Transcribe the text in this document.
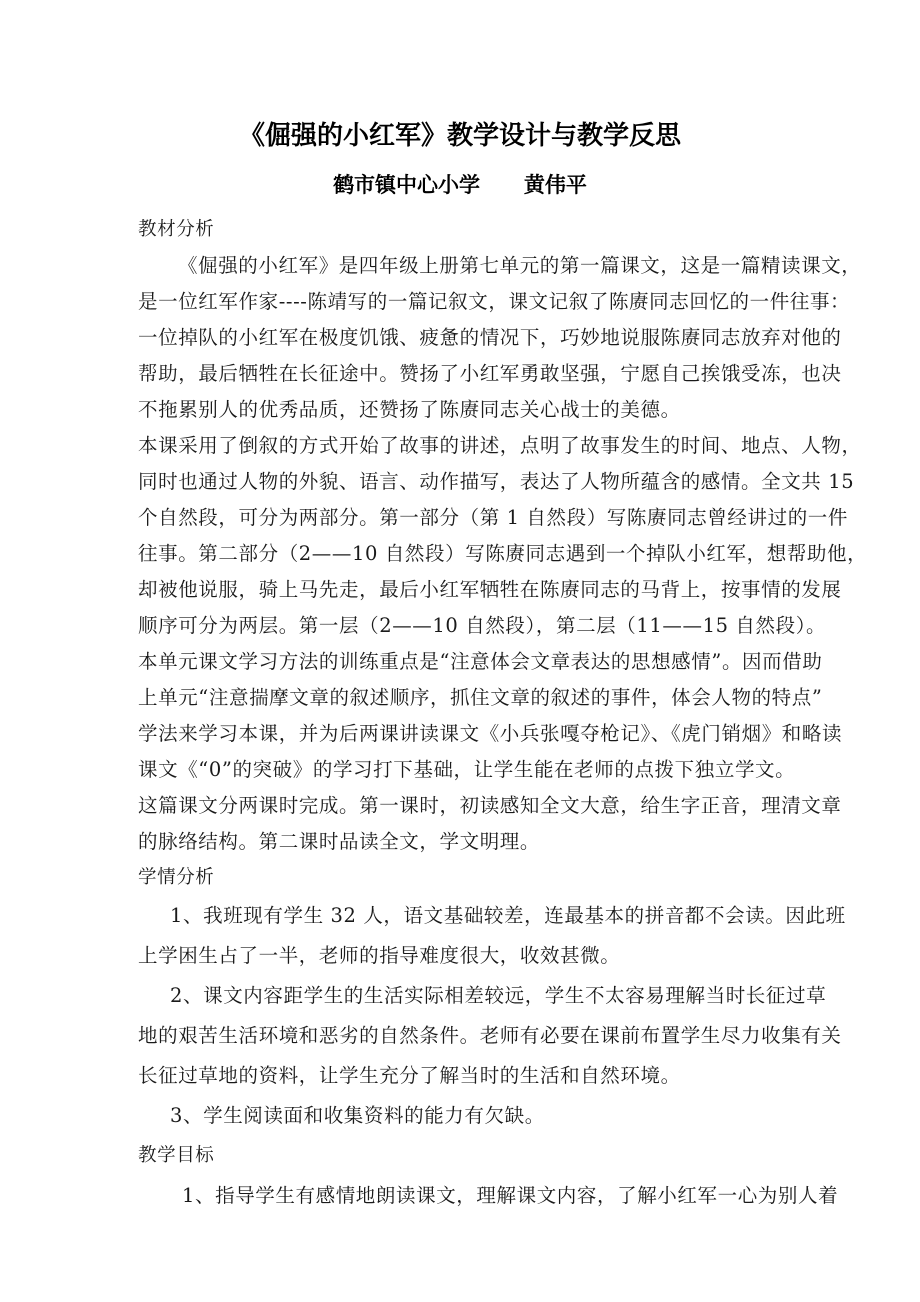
《倔强的小红军》教学设计与教学反思
鹤市镇中心小学      黄伟平
教材分析
《倔强的小红军》是四年级上册第七单元的第一篇课文，这是一篇精读课文，
是一位红军作家----陈靖写的一篇记叙文，课文记叙了陈赓同志回忆的一件往事：
一位掉队的小红军在极度饥饿、疲惫的情况下，巧妙地说服陈赓同志放弃对他的
帮助，最后牺牲在长征途中。赞扬了小红军勇敢坚强，宁愿自己挨饿受冻，也决
不拖累别人的优秀品质，还赞扬了陈赓同志关心战士的美德。
本课采用了倒叙的方式开始了故事的讲述，点明了故事发生的时间、地点、人物，
同时也通过人物的外貌、语言、动作描写，表达了人物所蕴含的感情。全文共 15
个自然段，可分为两部分。第一部分（第 1 自然段）写陈赓同志曾经讲过的一件
往事。第二部分（2——10 自然段）写陈赓同志遇到一个掉队小红军，想帮助他，
却被他说服，骑上马先走，最后小红军牺牲在陈赓同志的马背上，按事情的发展
顺序可分为两层。第一层（2——10 自然段），第二层（11——15 自然段）。
本单元课文学习方法的训练重点是“注意体会文章表达的思想感情”。因而借助
上单元“注意揣摩文章的叙述顺序，抓住文章的叙述的事件，体会人物的特点”
学法来学习本课，并为后两课讲读课文《小兵张嘎夺枪记》、《虎门销烟》和略读
课文《“0”的突破》的学习打下基础，让学生能在老师的点拨下独立学文。
这篇课文分两课时完成。第一课时，初读感知全文大意，给生字正音，理清文章
的脉络结构。第二课时品读全文，学文明理。
学情分析
1、我班现有学生 32 人，语文基础较差，连最基本的拼音都不会读。因此班
上学困生占了一半，老师的指导难度很大，收效甚微。
2、课文内容距学生的生活实际相差较远，学生不太容易理解当时长征过草
地的艰苦生活环境和恶劣的自然条件。老师有必要在课前布置学生尽力收集有关
长征过草地的资料，让学生充分了解当时的生活和自然环境。
3、学生阅读面和收集资料的能力有欠缺。
教学目标
1、指导学生有感情地朗读课文，理解课文内容，了解小红军一心为别人着
